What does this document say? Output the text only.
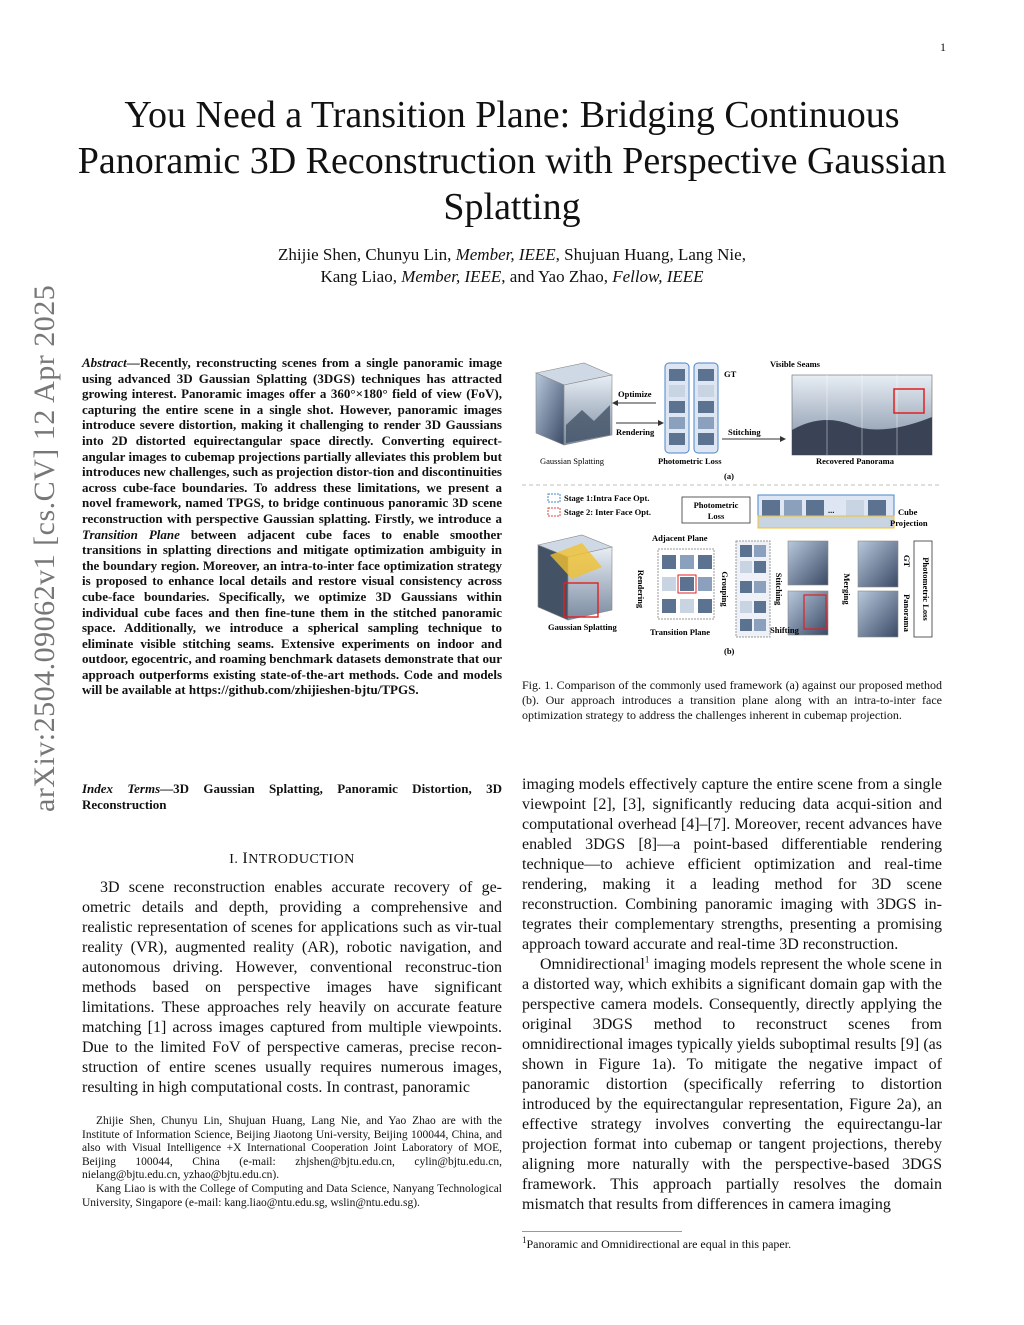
1
You Need a Transition Plane: Bridging Continuous Panoramic 3D Reconstruction with Perspective Gaussian Splatting
Zhijie Shen, Chunyu Lin, Member, IEEE, Shujuan Huang, Lang Nie,
Kang Liao, Member, IEEE, and Yao Zhao, Fellow, IEEE
arXiv:2504.09062v1 [cs.CV] 12 Apr 2025 Abstract—Recently, reconstructing scenes from a single panoramic image using advanced 3D Gaussian Splatting (3DGS) techniques has attracted growing interest. Panoramic images offer a 360°×180° field of view (FoV), capturing the entire scene in a single shot. However, panoramic images introduce severe distortion, making it challenging to render 3D Gaussians into 2D distorted equirectangular space directly. Converting equirect-angular images to cubemap projections partially alleviates this problem but introduces new challenges, such as projection distor-tion and discontinuities across cube-face boundaries. To address these limitations, we present a novel framework, named TPGS, to bridge continuous panoramic 3D scene reconstruction with perspective Gaussian splatting. Firstly, we introduce a Transition Plane between adjacent cube faces to enable smoother transitions in splatting directions and mitigate optimization ambiguity in the boundary region. Moreover, an intra-to-inter face optimization strategy is proposed to enhance local details and restore visual consistency across cube-face boundaries. Specifically, we optimize 3D Gaussians within individual cube faces and then fine-tune them in the stitched panoramic space. Additionally, we introduce a spherical sampling technique to eliminate visible stitching seams. Extensive experiments on indoor and outdoor, egocentric, and roaming benchmark datasets demonstrate that our approach outperforms existing state-of-the-art methods. Code and models will be available at https://github.com/zhijieshen-bjtu/TPGS.

Index Terms—3D Gaussian Splatting, Panoramic Distortion, 3D Reconstruction

I. INTRODUCTION

3D scene reconstruction enables accurate recovery of ge-ometric details and depth, providing a comprehensive and realistic representation of scenes for applications such as vir-tual reality (VR), augmented reality (AR), robotic navigation, and autonomous driving. However, conventional reconstruc-tion methods based on perspective images have significant limitations. These approaches rely heavily on accurate feature matching [1] across images captured from multiple viewpoints. Due to the limited FoV of perspective cameras, precise recon-struction of entire scenes usually requires numerous images, resulting in high computational costs. In contrast, panoramic

Zhijie Shen, Chunyu Lin, Shujuan Huang, Lang Nie, and Yao Zhao are with the Institute of Information Science, Beijing Jiaotong Uni-versity, Beijing 100044, China, and also with Visual Intelligence +X International Cooperation Joint Laboratory of MOE, Beijing 100044, China (e-mail: zhjshen@bjtu.edu.cn, cylin@bjtu.edu.cn, nielang@bjtu.edu.cn, yzhao@bjtu.edu.cn).

Kang Liao is with the College of Computing and Data Science, Nanyang Technological University, Singapore (e-mail: kang.liao@ntu.edu.sg, wslin@ntu.edu.sg).

Gaussian Splatting
Optimize
Rendering
GT
Photometric Loss
Stitching
Visible Seams
Recovered Panorama
(a)
Stage 1:Intra Face Opt.
Stage 2: Inter Face Opt.
Photometric Loss
...	Cube Projection
Gaussian Splatting
Rendering
Adjacent Plane
Transition Plane
Grouping	Stitching
Shifting
Merging
GT
Panorama Photometric Loss
(b)

Fig. 1. Comparison of the commonly used framework (a) against our proposed method (b). Our approach introduces a transition plane along with an intra-to-inter face optimization strategy to address the challenges inherent in cubemap projection.

imaging models effectively capture the entire scene from a single viewpoint [2], [3], significantly reducing data acqui-sition and computational overhead [4]–[7]. Moreover, recent advances have enabled 3DGS [8]—a point-based differentiable rendering technique—to achieve efficient optimization and real-time rendering, making it a leading method for 3D scene reconstruction. Combining panoramic imaging with 3DGS in-tegrates their complementary strengths, presenting a promising approach toward accurate and real-time 3D reconstruction.

Omnidirectional$^1$ imaging models represent the whole scene in a distorted way, which exhibits a significant domain gap with the perspective camera models. Consequently, directly applying the original 3DGS method to reconstruct scenes from omnidirectional images typically yields suboptimal results [9] (as shown in Figure 1a). To mitigate the negative impact of panoramic distortion (specifically referring to distortion introduced by the equirectangular representation, Figure 2a), an effective strategy involves converting the equirectangu-lar projection format into cubemap or tangent projections, thereby aligning more naturally with the perspective-based 3DGS framework. This approach partially resolves the domain mismatch that results from differences in camera imaging

$^1$Panoramic and Omnidirectional are equal in this paper.
